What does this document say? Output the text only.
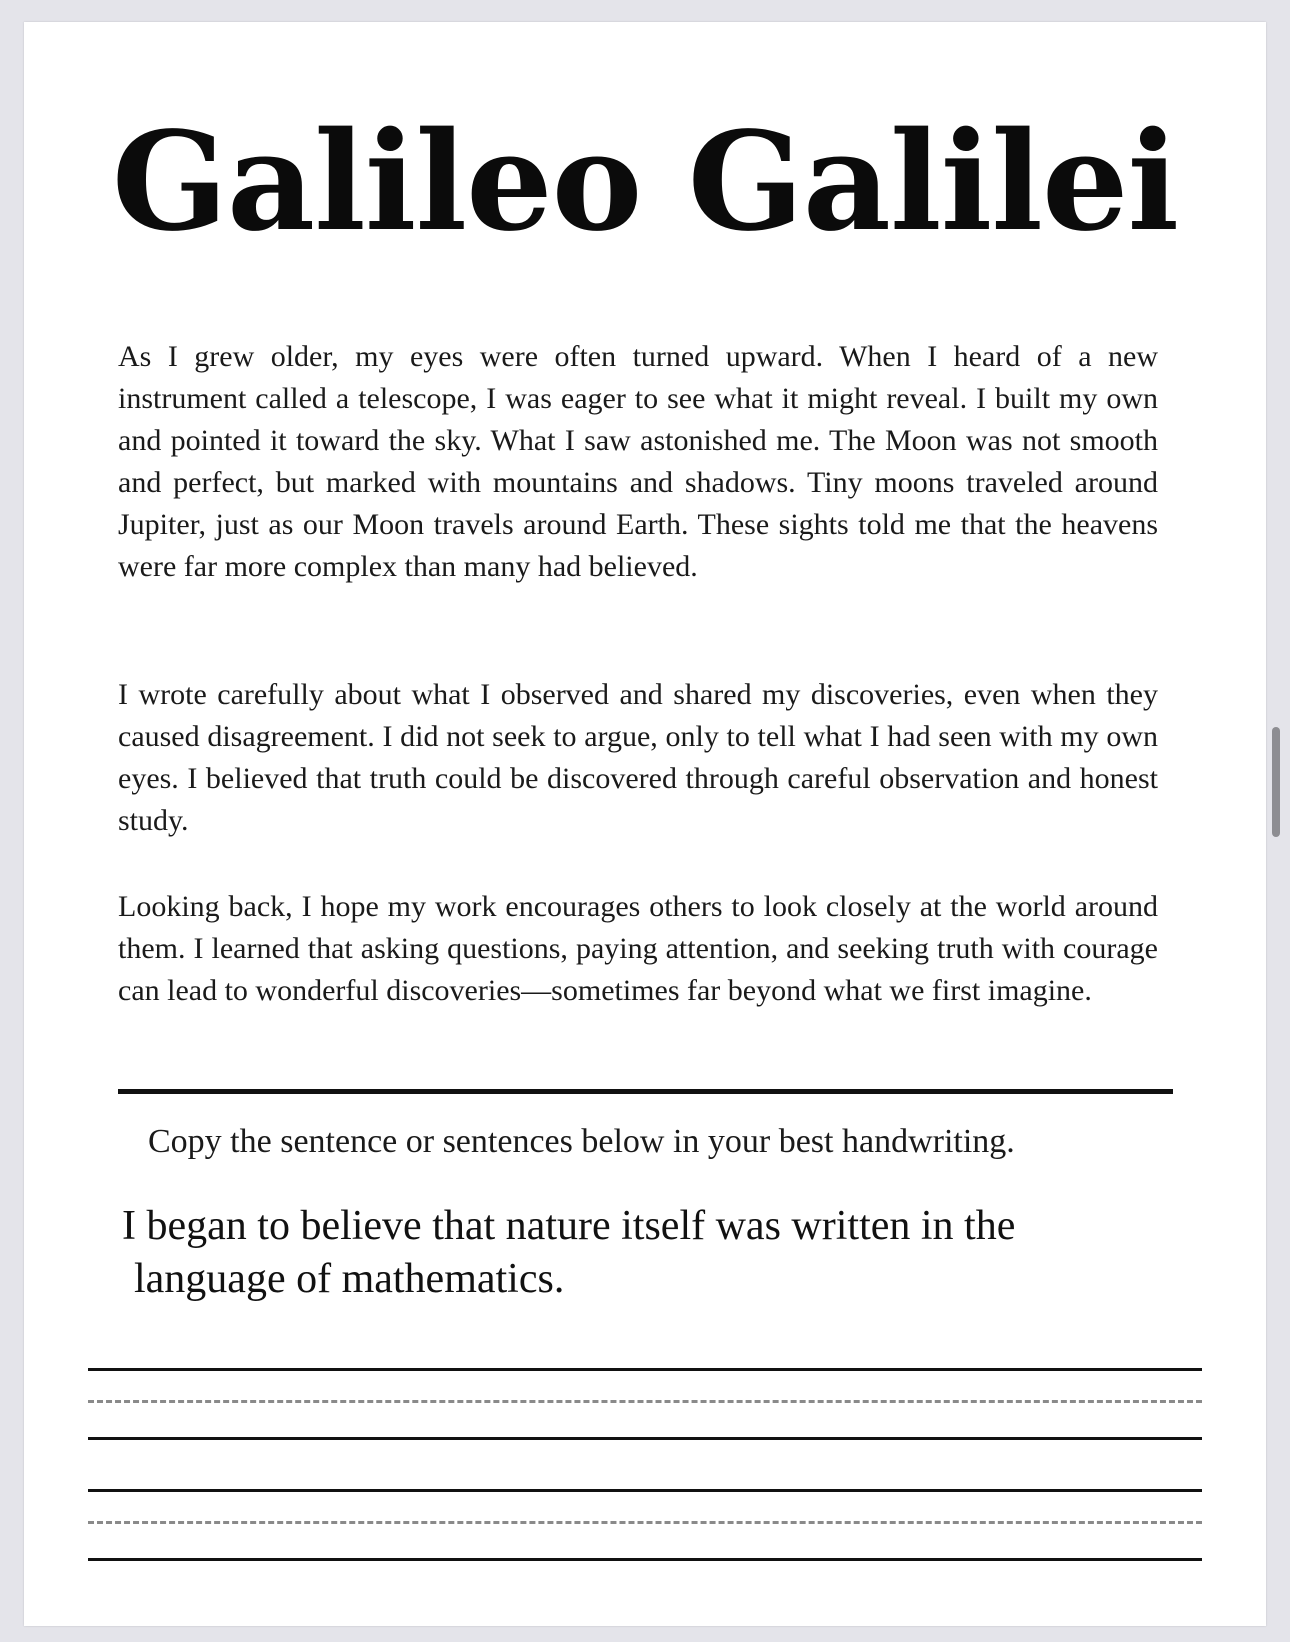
Galileo Galilei

As I grew older, my eyes were often turned upward. When I heard of a new instrument called a telescope, I was eager to see what it might reveal. I built my own and pointed it toward the sky. What I saw astonished me. The Moon was not smooth and perfect, but marked with mountains and shadows. Tiny moons traveled around Jupiter, just as our Moon travels around Earth. These sights told me that the heavens were far more complex than many had believed.

I wrote carefully about what I observed and shared my discoveries, even when they caused disagreement. I did not seek to argue, only to tell what I had seen with my own eyes. I believed that truth could be discovered through careful observation and honest study.

Looking back, I hope my work encourages others to look closely at the world around them. I learned that asking questions, paying attention, and seeking truth with courage can lead to wonderful discoveries—sometimes far beyond what we first imagine.

Copy the sentence or sentences below in your best handwriting.

I began to believe that nature itself was written in the
language of mathematics.
